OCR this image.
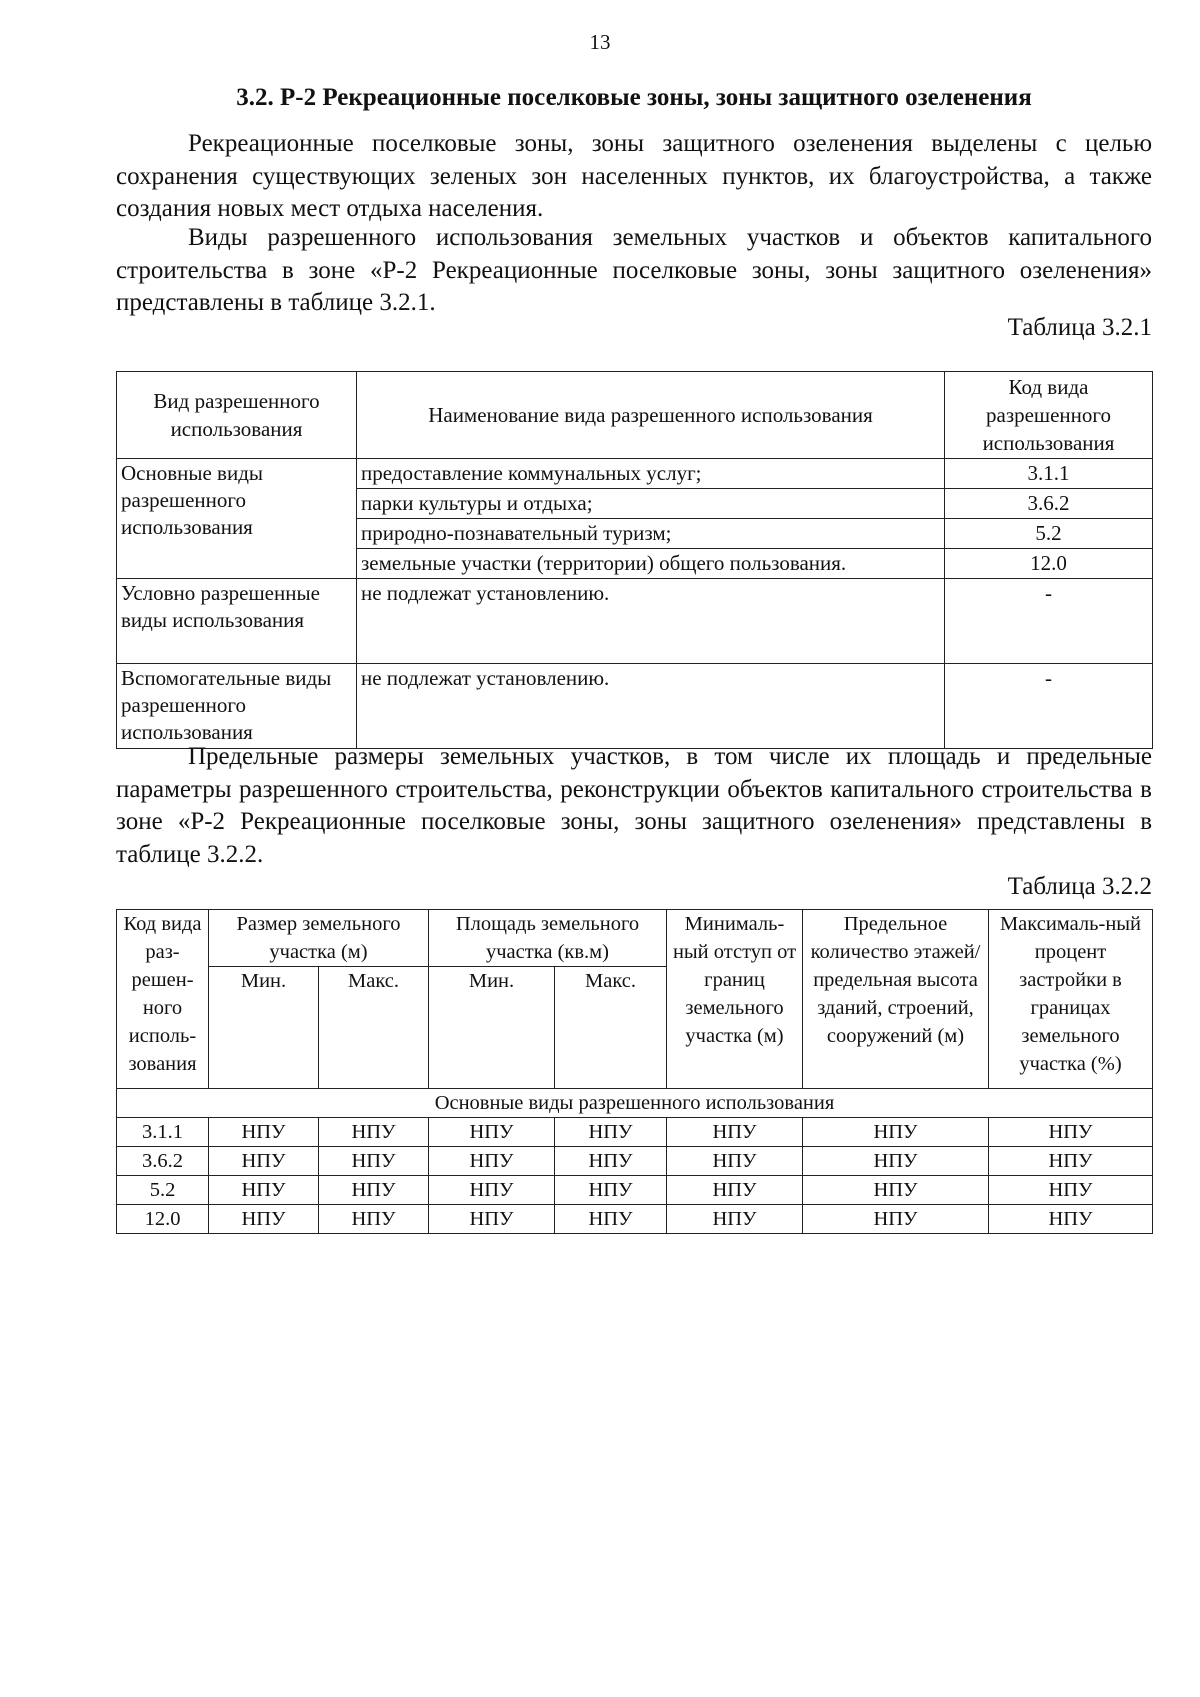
13
3.2. Р-2 Рекреационные поселковые зоны, зоны защитного озеленения

Рекреационные поселковые зоны, зоны защитного озеленения выделены с целью сохранения существующих зеленых зон населенных пунктов, их благоустройства, а также создания новых мест отдыха населения.

Виды разрешенного использования земельных участков и объектов капитального строительства в зоне «Р-2 Рекреационные поселковые зоны, зоны защитного озеленения» представлены в таблице 3.2.1.

Таблица 3.2.1
Вид разрешенного использования	Наименование вида разрешенного использования	Код вида разрешенного использования
Основные виды разрешенного использования	предоставление коммунальных услуг;	3.1.1
	парки культуры и отдыха;	3.6.2
	природно-познавательный туризм;	5.2
	земельные участки (территории) общего пользования.	12.0
Условно разрешенные виды использования	не подлежат установлению.	-
Вспомогательные виды разрешенного использования	не подлежат установлению.	-

Предельные размеры земельных участков, в том числе их площадь и предельные параметры разрешенного строительства, реконструкции объектов капитального строительства в зоне «Р-2 Рекреационные поселковые зоны, зоны защитного озеленения» представлены в таблице 3.2.2.

Таблица 3.2.2
Код вида раз-решен-ного исполь-зования	Размер земельного участка (м)		Площадь земельного участка (кв.м)		Минималь-ный отступ от границ земельного участка (м)	Предельное количество этажей/ предельная высота зданий, строений, сооружений (м)	Максималь-ный процент застройки в границах земельного участка (%)
	Мин.	Макс.	Мин.	Макс.			
Основные виды разрешенного использования							
3.1.1	НПУ	НПУ	НПУ	НПУ	НПУ	НПУ	НПУ
3.6.2	НПУ	НПУ	НПУ	НПУ	НПУ	НПУ	НПУ
5.2	НПУ	НПУ	НПУ	НПУ	НПУ	НПУ	НПУ
12.0	НПУ	НПУ	НПУ	НПУ	НПУ	НПУ	НПУ
